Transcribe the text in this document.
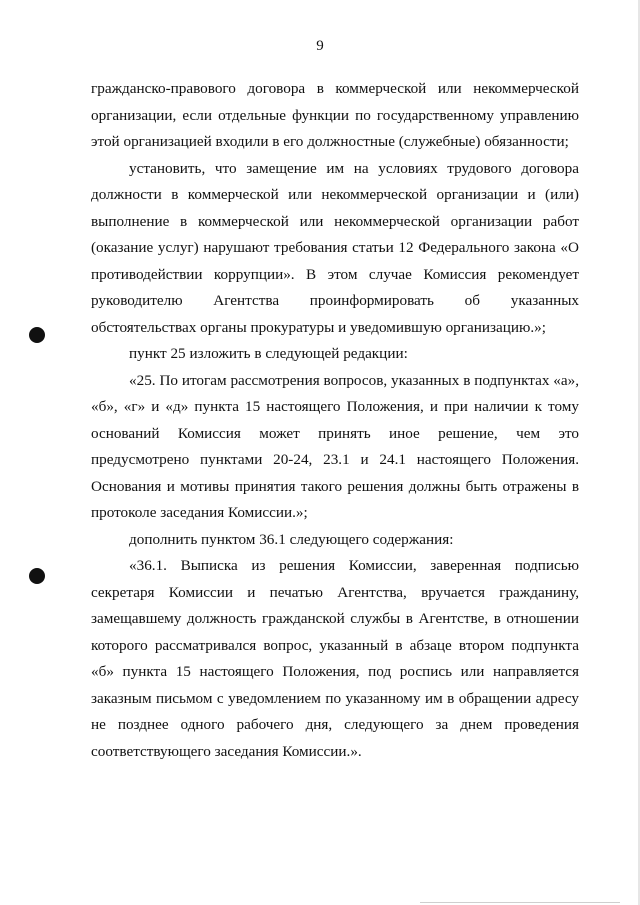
9

гражданско-правового договора в коммерческой или некоммерческой организации, если отдельные функции по государственному управлению этой организацией входили в его должностные (служебные) обязанности;

установить, что замещение им на условиях трудового договора должности в коммерческой или некоммерческой организации и (или) выполнение в коммерческой или некоммерческой организации работ (оказание услуг) нарушают требования статьи 12 Федерального закона «О противодействии коррупции». В этом случае Комиссия рекомендует руководителю Агентства проинформировать об указанных обстоятельствах органы прокуратуры и уведомившую организацию.»;

пункт 25 изложить в следующей редакции:

«25. По итогам рассмотрения вопросов, указанных в подпунктах «а», «б», «г» и «д» пункта 15 настоящего Положения, и при наличии к тому оснований Комиссия может принять иное решение, чем это предусмотрено пунктами 20-24, 23.1 и 24.1 настоящего Положения. Основания и мотивы принятия такого решения должны быть отражены в протоколе заседания Комиссии.»;

дополнить пунктом 36.1 следующего содержания:

«36.1. Выписка из решения Комиссии, заверенная подписью секретаря Комиссии и печатью Агентства, вручается гражданину, замещавшему должность гражданской службы в Агентстве, в отношении которого рассматривался вопрос, указанный в абзаце втором подпункта «б» пункта 15 настоящего Положения, под роспись или направляется заказным письмом с уведомлением по указанному им в обращении адресу не позднее одного рабочего дня, следующего за днем проведения соответствующего заседания Комиссии.».
